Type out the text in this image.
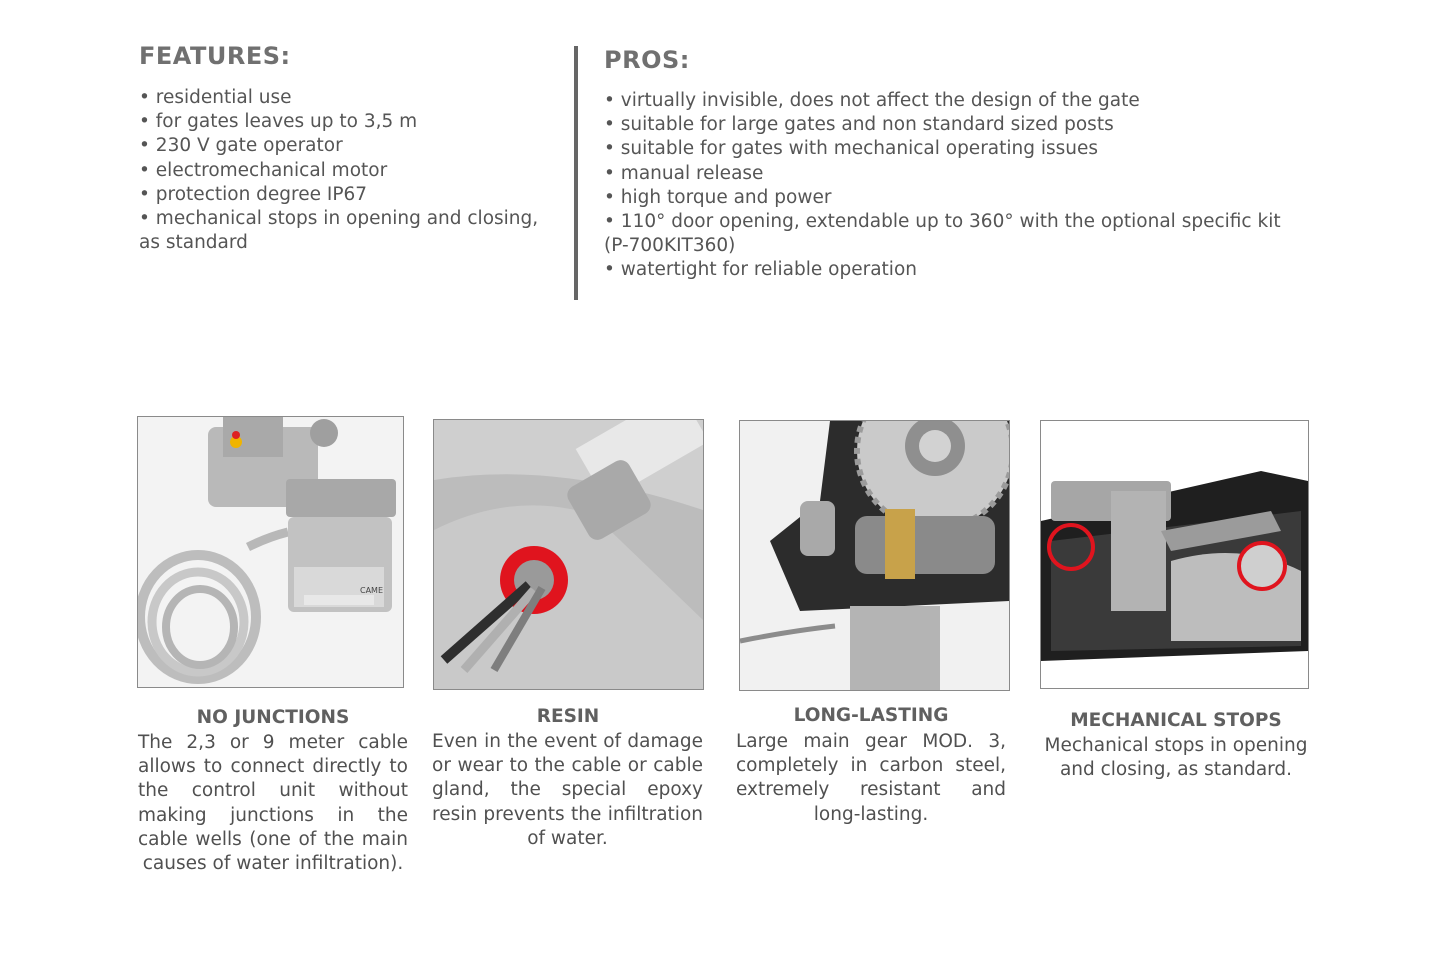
FEATURES:
• residential use
• for gates leaves up to 3,5 m
• 230 V gate operator
• electromechanical motor
• protection degree IP67
• mechanical stops in opening and closing, as standard
PROS:
• virtually invisible, does not affect the design of the gate
• suitable for large gates and non standard sized posts
• suitable for gates with mechanical operating issues
• manual release
• high torque and power
• 110° door opening, extendable up to 360° with the optional specific kit (P-700KIT360)
• watertight for reliable operation
CAME
NO JUNCTIONS

The 2,3 or 9 meter cable allows to connect directly to the control unit without making junctions in the cable wells (one of the main causes of water infiltration).

RESIN

Even in the event of damage or wear to the cable or cable gland, the special epoxy resin prevents the infiltration of water.

LONG-LASTING

Large main gear MOD. 3, completely in carbon steel, extremely resistant and long-lasting.

MECHANICAL STOPS

Mechanical stops in opening and closing, as standard.
